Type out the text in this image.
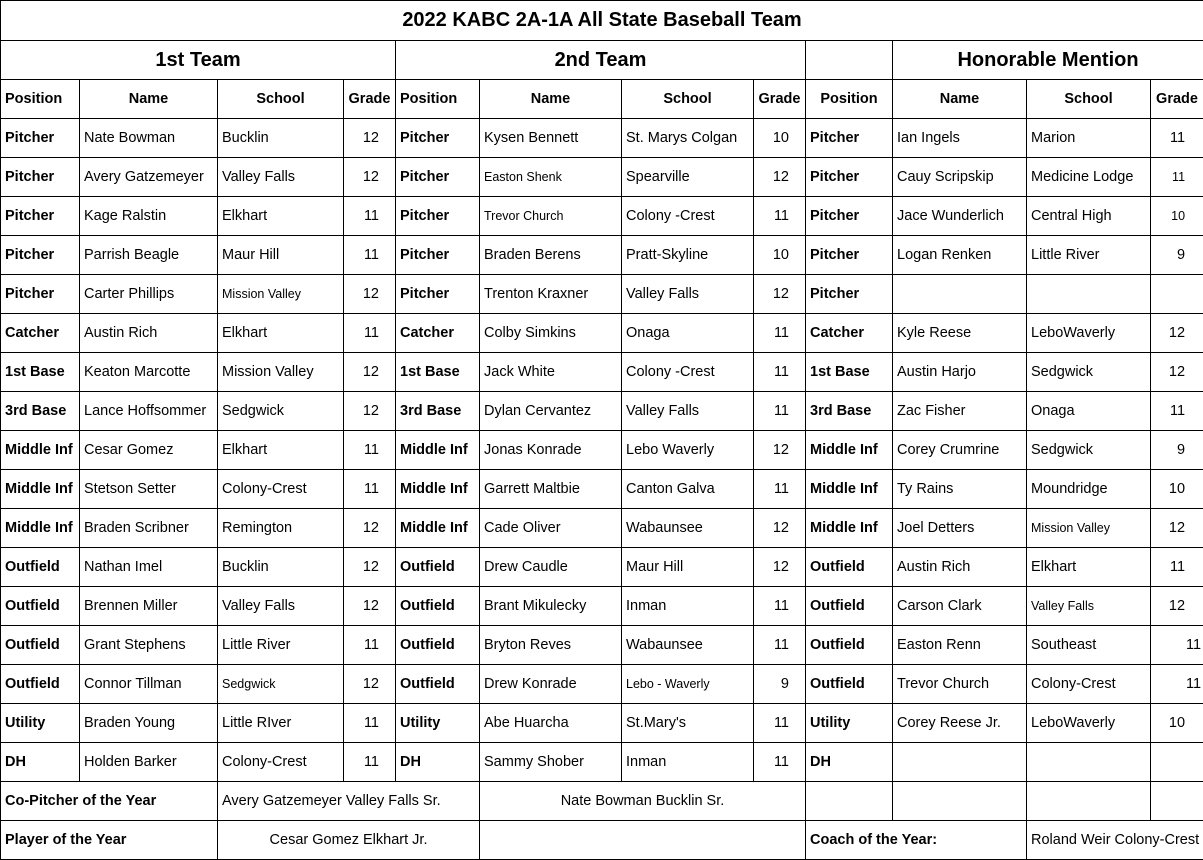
2022 KABC 2A-1A All State Baseball Team											
1st Team				2nd Team					Honorable Mention		
Position	Name	School	Grade	Position	Name	School	Grade	Position	Name	School	Grade
Pitcher	Nate Bowman	Bucklin	12	Pitcher	Kysen Bennett	St. Marys Colgan	10	Pitcher	Ian Ingels	Marion	11
Pitcher	Avery Gatzemeyer	Valley Falls	12	Pitcher	Easton Shenk	Spearville	12	Pitcher	Cauy Scripskip	Medicine Lodge	11
Pitcher	Kage Ralstin	Elkhart	11	Pitcher	Trevor Church	Colony -Crest	11	Pitcher	Jace Wunderlich	Central High	10
Pitcher	Parrish Beagle	Maur Hill	11	Pitcher	Braden Berens	Pratt-Skyline	10	Pitcher	Logan Renken	Little River	9
Pitcher	Carter Phillips	Mission Valley	12	Pitcher	Trenton Kraxner	Valley Falls	12	Pitcher			
Catcher	Austin Rich	Elkhart	11	Catcher	Colby Simkins	Onaga	11	Catcher	Kyle Reese	LeboWaverly	12
1st Base	Keaton Marcotte	Mission Valley	12	1st Base	Jack White	Colony -Crest	11	1st Base	Austin Harjo	Sedgwick	12
3rd Base	Lance Hoffsommer	Sedgwick	12	3rd Base	Dylan Cervantez	Valley Falls	11	3rd Base	Zac Fisher	Onaga	11
Middle Inf	Cesar Gomez	Elkhart	11	Middle Inf	Jonas Konrade	Lebo Waverly	12	Middle Inf	Corey Crumrine	Sedgwick	9
Middle Inf	Stetson Setter	Colony-Crest	11	Middle Inf	Garrett Maltbie	Canton Galva	11	Middle Inf	Ty Rains	Moundridge	10
Middle Inf	Braden Scribner	Remington	12	Middle Inf	Cade Oliver	Wabaunsee	12	Middle Inf	Joel Detters	Mission Valley	12
Outfield	Nathan Imel	Bucklin	12	Outfield	Drew Caudle	Maur Hill	12	Outfield	Austin Rich	Elkhart	11
Outfield	Brennen Miller	Valley Falls	12	Outfield	Brant Mikulecky	Inman	11	Outfield	Carson Clark	Valley Falls	12
Outfield	Grant Stephens	Little River	11	Outfield	Bryton Reves	Wabaunsee	11	Outfield	Easton Renn	Southeast	11
Outfield	Connor Tillman	Sedgwick	12	Outfield	Drew Konrade	Lebo - Waverly	9	Outfield	Trevor Church	Colony-Crest	11
Utility	Braden Young	Little RIver	11	Utility	Abe Huarcha	St.Mary's	11	Utility	Corey Reese Jr.	LeboWaverly	10
DH	Holden Barker	Colony-Crest	11	DH	Sammy Shober	Inman	11	DH			
Co-Pitcher of the Year		Avery Gatzemeyer Valley Falls Sr.			Nate Bowman Bucklin Sr.						
Player of the Year		Cesar Gomez Elkhart Jr.						Coach of the Year:		Roland Weir Colony-Crest	
